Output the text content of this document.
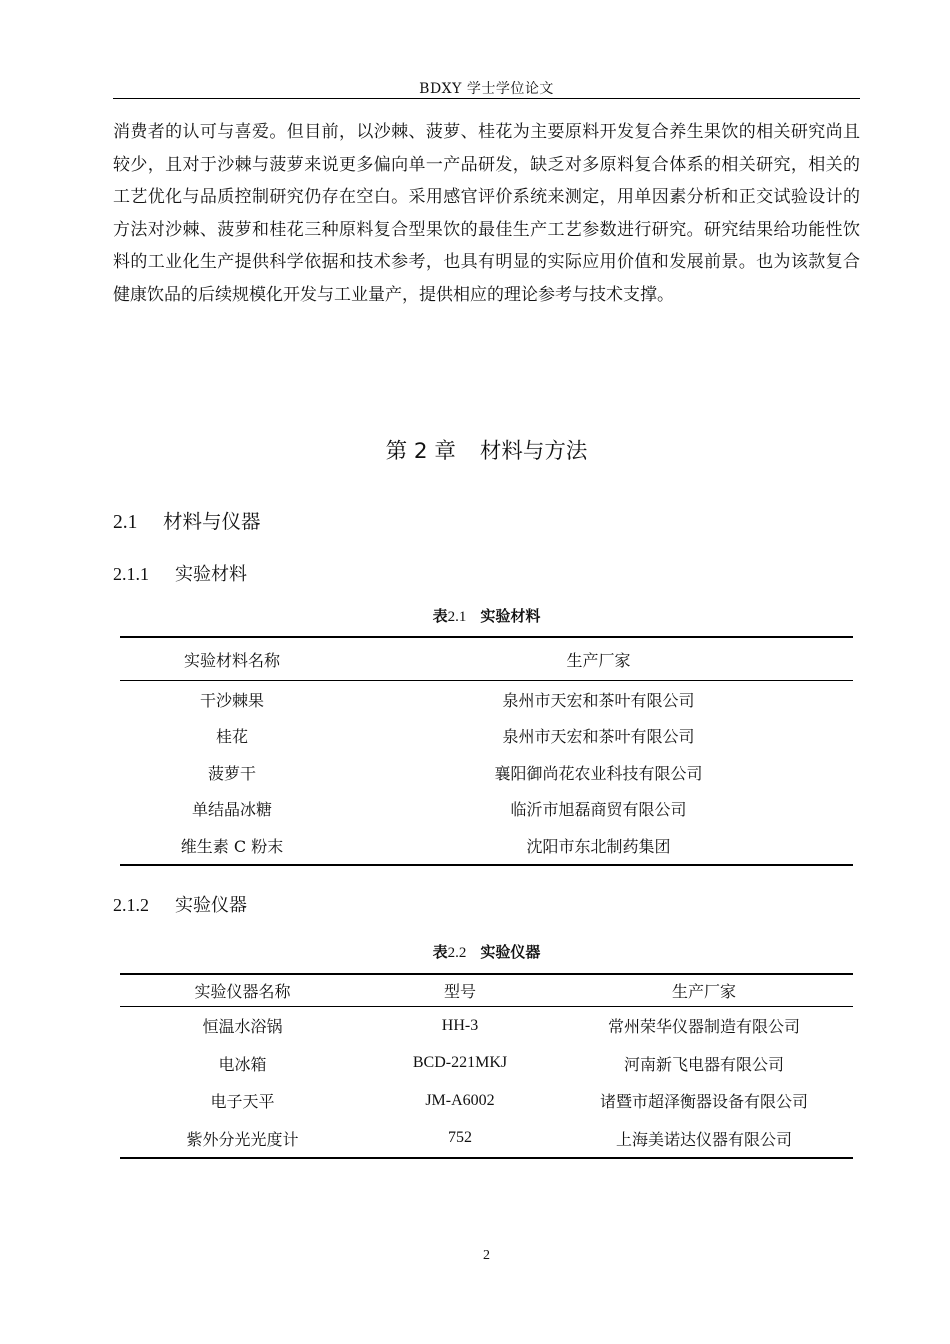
BDXY 学士学位论文

消费者的认可与喜爱。但目前，以沙棘、菠萝、桂花为主要原料开发复合养生果饮的相关研究尚且较少，且对于沙棘与菠萝来说更多偏向单一产品研发，缺乏对多原料复合体系的相关研究，相关的工艺优化与品质控制研究仍存在空白。采用感官评价系统来测定，用单因素分析和正交试验设计的方法对沙棘、菠萝和桂花三种原料复合型果饮的最佳生产工艺参数进行研究。研究结果给功能性饮料的工业化生产提供科学依据和技术参考，也具有明显的实际应用价值和发展前景。也为该款复合健康饮品的后续规模化开发与工业量产，提供相应的理论参考与技术支撑。

第 2 章 材料与方法
2.1 材料与仪器
2.1.1 实验材料
表2.1 实验材料
实验材料名称	生产厂家
干沙棘果	泉州市天宏和茶叶有限公司
桂花	泉州市天宏和茶叶有限公司
菠萝干	襄阳御尚花农业科技有限公司
单结晶冰糖	临沂市旭磊商贸有限公司
维生素 C 粉末	沈阳市东北制药集团
2.1.2 实验仪器
表2.2 实验仪器
实验仪器名称	型号	生产厂家
恒温水浴锅	HH-3	常州荣华仪器制造有限公司
电冰箱	BCD-221MKJ	河南新飞电器有限公司
电子天平	JM-A6002	诸暨市超泽衡器设备有限公司
紫外分光光度计	752	上海美诺达仪器有限公司
2
